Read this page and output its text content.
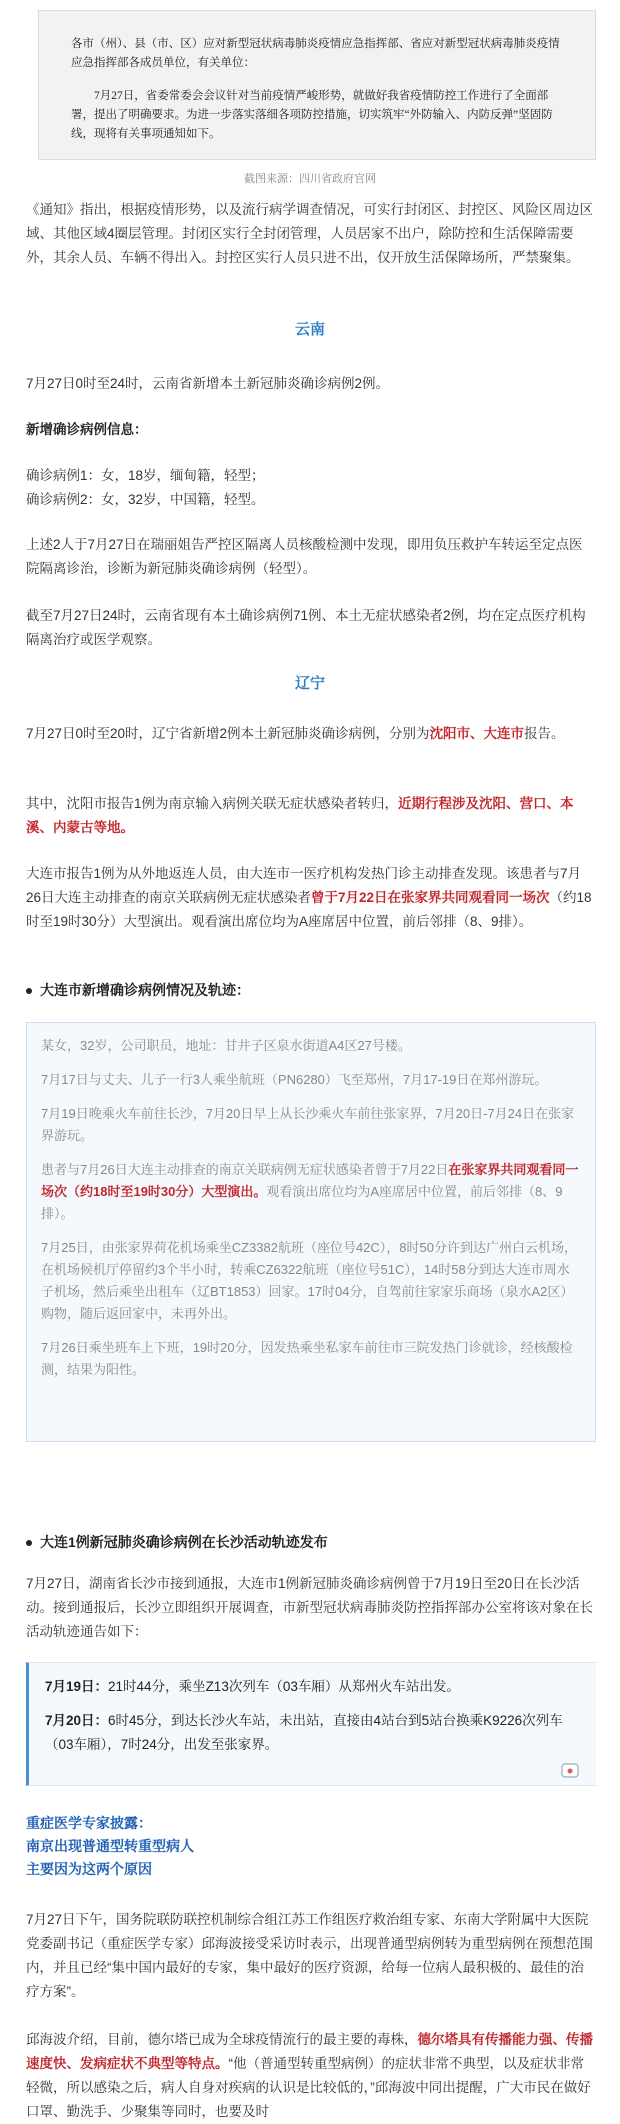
各市（州）、县（市、区）应对新型冠状病毒肺炎疫情应急指挥部、省应对新型冠状病毒肺炎疫情应急指挥部各成员单位，有关单位：

7月27日，省委常委会会议针对当前疫情严峻形势，就做好我省疫情防控工作进行了全面部署，提出了明确要求。为进一步落实落细各项防控措施，切实筑牢“外防输入、内防反弹”坚固防线，现将有关事项通知如下。

截图来源：四川省政府官网

《通知》指出，根据疫情形势，以及流行病学调查情况，可实行封闭区、封控区、风险区周边区域、其他区域4圈层管理。封闭区实行全封闭管理，人员居家不出户，除防控和生活保障需要外，其余人员、车辆不得出入。封控区实行人员只进不出，仅开放生活保障场所，严禁聚集。

云南

7月27日0时至24时，云南省新增本土新冠肺炎确诊病例2例。

新增确诊病例信息：

确诊病例1：女，18岁，缅甸籍，轻型；

确诊病例2：女，32岁，中国籍，轻型。

上述2人于7月27日在瑞丽姐告严控区隔离人员核酸检测中发现，即用负压救护车转运至定点医院隔离诊治，诊断为新冠肺炎确诊病例（轻型）。

截至7月27日24时，云南省现有本土确诊病例71例、本土无症状感染者2例，均在定点医疗机构隔离治疗或医学观察。

辽宁

7月27日0时至20时，辽宁省新增2例本土新冠肺炎确诊病例，分别为沈阳市、大连市报告。

其中，沈阳市报告1例为南京输入病例关联无症状感染者转归，近期行程涉及沈阳、营口、本溪、内蒙古等地。

大连市报告1例为从外地返连人员，由大连市一医疗机构发热门诊主动排查发现。该患者与7月26日大连主动排查的南京关联病例无症状感染者曾于7月22日在张家界共同观看同一场次（约18时至19时30分）大型演出。观看演出席位均为A座席居中位置，前后邻排（8、9排）。

大连市新增确诊病例情况及轨迹：

某女，32岁，公司职员，地址：甘井子区泉水街道A4区27号楼。

7月17日与丈夫、儿子一行3人乘坐航班（PN6280）飞至郑州，7月17-19日在郑州游玩。

7月19日晚乘火车前往长沙，7月20日早上从长沙乘火车前往张家界，7月20日-7月24日在张家界游玩。

患者与7月26日大连主动排查的南京关联病例无症状感染者曾于7月22日在张家界共同观看同一场次（约18时至19时30分）大型演出。观看演出席位均为A座席居中位置，前后邻排（8、9排）。

7月25日，由张家界荷花机场乘坐CZ3382航班（座位号42C），8时50分许到达广州白云机场，在机场候机厅停留约3个半小时，转乘CZ6322航班（座位号51C），14时58分到达大连市周水子机场，然后乘坐出租车（辽BT1853）回家。17时04分，自驾前往家家乐商场（泉水A2区）购物，随后返回家中，未再外出。

7月26日乘坐班车上下班，19时20分，因发热乘坐私家车前往市三院发热门诊就诊，经核酸检测，结果为阳性。

大连1例新冠肺炎确诊病例在长沙活动轨迹发布

7月27日，湖南省长沙市接到通报，大连市1例新冠肺炎确诊病例曾于7月19日至20日在长沙活动。接到通报后，长沙立即组织开展调查，市新型冠状病毒肺炎防控指挥部办公室将该对象在长活动轨迹通告如下：

7月19日：21时44分，乘坐Z13次列车（03车厢）从郑州火车站出发。

7月20日：6时45分，到达长沙火车站，未出站，直接由4站台到5站台换乘K9226次列车（03车厢），7时24分，出发至张家界。

重症医学专家披露：
南京出现普通型转重型病人
主要因为这两个原因

7月27日下午，国务院联防联控机制综合组江苏工作组医疗救治组专家、东南大学附属中大医院党委副书记（重症医学专家）邱海波接受采访时表示，出现普通型病例转为重型病例在预想范围内，并且已经“集中国内最好的专家，集中最好的医疗资源，给每一位病人最积极的、最佳的治疗方案”。

邱海波介绍，目前，德尔塔已成为全球疫情流行的最主要的毒株，德尔塔具有传播能力强、传播速度快、发病症状不典型等特点。“他（普通型转重型病例）的症状非常不典型，以及症状非常轻微，所以感染之后，病人自身对疾病的认识是比较低的，”邱海波中同出提醒，广大市民在做好口罩、勤洗手、少聚集等同时，也要及时
